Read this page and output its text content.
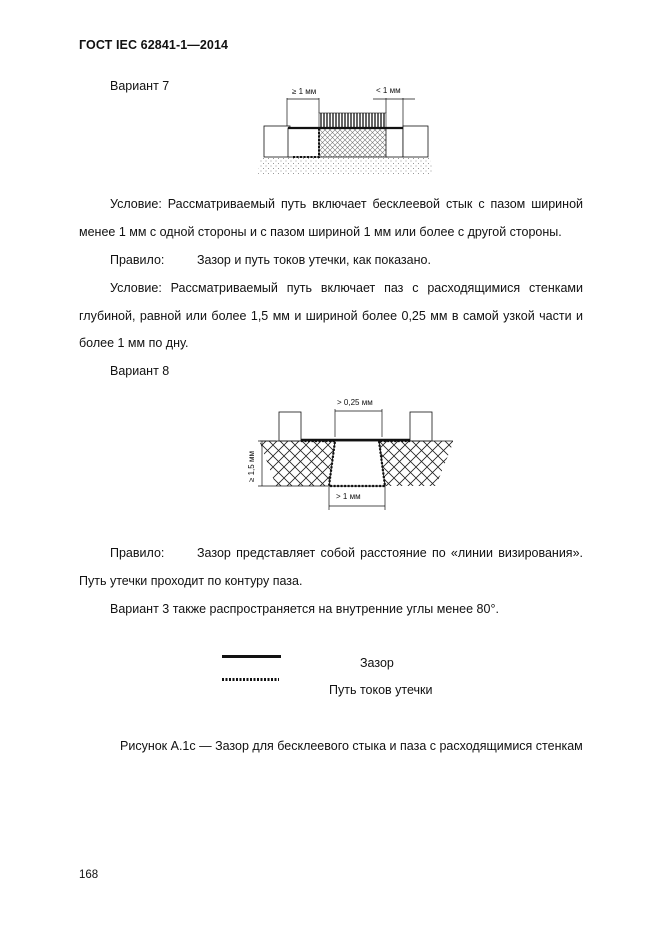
ГОСТ IEC 62841-1—2014
Вариант 7	≥ 1 мм	< 1 мм
Условие: Рассматриваемый путь включает бесклеевой стык с пазом шириной
менее 1 мм с одной стороны и с пазом шириной 1 мм или более с другой стороны.
Правило:	Зазор и путь токов утечки, как показано.
Условие: Рассматриваемый путь включает паз с расходящимися стенками
глубиной, равной или более 1,5 мм и шириной более 0,25 мм в самой узкой части и
более 1 мм по дну.
Вариант 8
> 0,25 мм
≥ 1,5 мм
> 1 мм
Правило:	Зазор представляет собой расстояние по «линии визирования».
Путь утечки проходит по контуру паза.
Вариант 3 также распространяется на внутренние углы менее 80°.
Зазор
Путь токов утечки
Рисунок А.1с — Зазор для бесклеевого стыка и паза с расходящимися стенкам
168
